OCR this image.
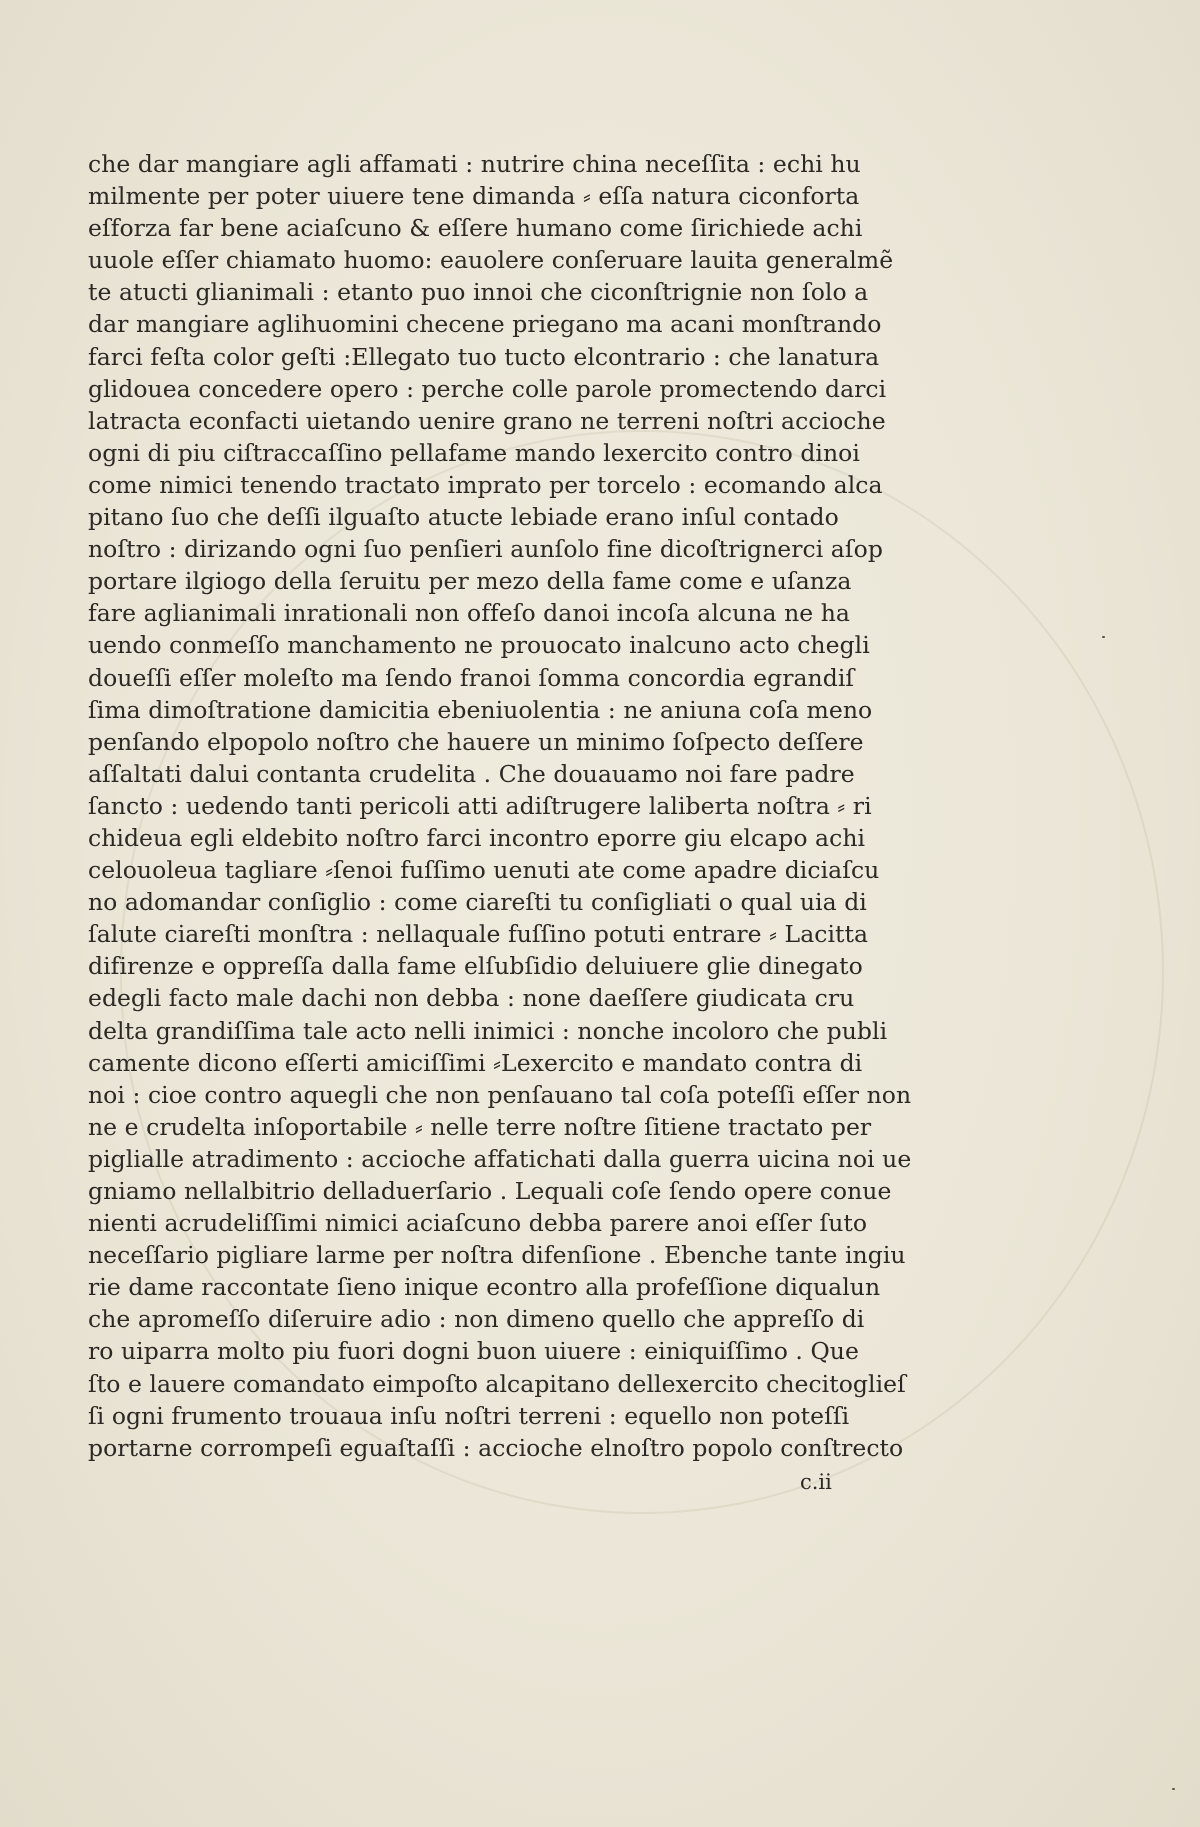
che dar mangiare agli affamati : nutrire china neceſſita : echi hu
milmente per poter uiuere tene dimanda ⸗ eſſa natura ciconforta
eſforza far bene aciaſcuno & eſſere humano come ſirichiede achi
uuole eſſer chiamato huomo: eauolere conſeruare lauita generalmẽ
te atucti glianimali : etanto puo innoi che ciconſtrignie non ſolo a
dar mangiare aglihuomini checene priegano ma acani monſtrando
farci feſta color geſti :Ellegato tuo tucto elcontrario : che lanatura
glidouea concedere opero : perche colle parole promectendo darci
latracta econfacti uietando uenire grano ne terreni noſtri accioche
ogni di piu ciſtraccaſſino pellafame mando lexercito contro dinoi
come nimici tenendo tractato imprato per torcelo : ecomando alca
pitano ſuo che deſſi ilguaſto atucte lebiade erano inſul contado
noſtro : dirizando ogni ſuo penſieri aunſolo fine dicoſtrignerci aſop
portare ilgiogo della ſeruitu per mezo della fame come e uſanza
fare aglianimali inrationali non offeſo danoi incoſa alcuna ne ha
uendo conmeſſo manchamento ne prouocato inalcuno acto chegli
doueſſi eſſer moleſto ma ſendo franoi ſomma concordia egrandiſ
ſima dimoſtratione damicitia ebeniuolentia : ne aniuna coſa meno
penſando elpopolo noſtro che hauere un minimo ſoſpecto deſſere
aſſaltati dalui contanta crudelita . Che douauamo noi fare padre
ſancto : uedendo tanti pericoli atti adiſtrugere laliberta noſtra ⸗ ri
chideua egli eldebito noſtro farci incontro eporre giu elcapo achi
celouoleua tagliare ⸗ſenoi fuſſimo uenuti ate come apadre diciaſcu
no adomandar conſiglio : come ciareſti tu conſigliati o qual uia di
ſalute ciareſti monſtra : nellaquale fuſſino potuti entrare ⸗ Lacitta
difirenze e oppreſſa dalla fame elſubſidio deluiuere glie dinegato
edegli facto male dachi non debba : none daeſſere giudicata cru
delta grandiſſima tale acto nelli inimici : nonche incoloro che publi
camente dicono eſſerti amiciſſimi ⸗Lexercito e mandato contra di
noi : cioe contro aquegli che non penſauano tal coſa poteſſi eſſer non
ne e crudelta inſoportabile ⸗ nelle terre noſtre ſitiene tractato per
piglialle atradimento : accioche affatichati dalla guerra uicina noi ue
gniamo nellalbitrio delladuerſario . Lequali coſe ſendo opere conue
nienti acrudeliſſimi nimici aciaſcuno debba parere anoi eſſer ſuto
neceſſario pigliare larme per noſtra difenſione . Ebenche tante ingiu
rie dame raccontate ſieno inique econtro alla profeſſione diqualun
che apromeſſo diſeruire adio : non dimeno quello che appreſſo di
ro uiparra molto piu fuori dogni buon uiuere : einiquiſſimo . Que
ſto e lauere comandato eimpoſto alcapitano dellexercito checitoglieſ
ſi ogni frumento trouaua inſu noſtri terreni : equello non poteſſi
portarne corrompeſi eguaſtaſſi : accioche elnoſtro popolo conſtrecto
c.ii
